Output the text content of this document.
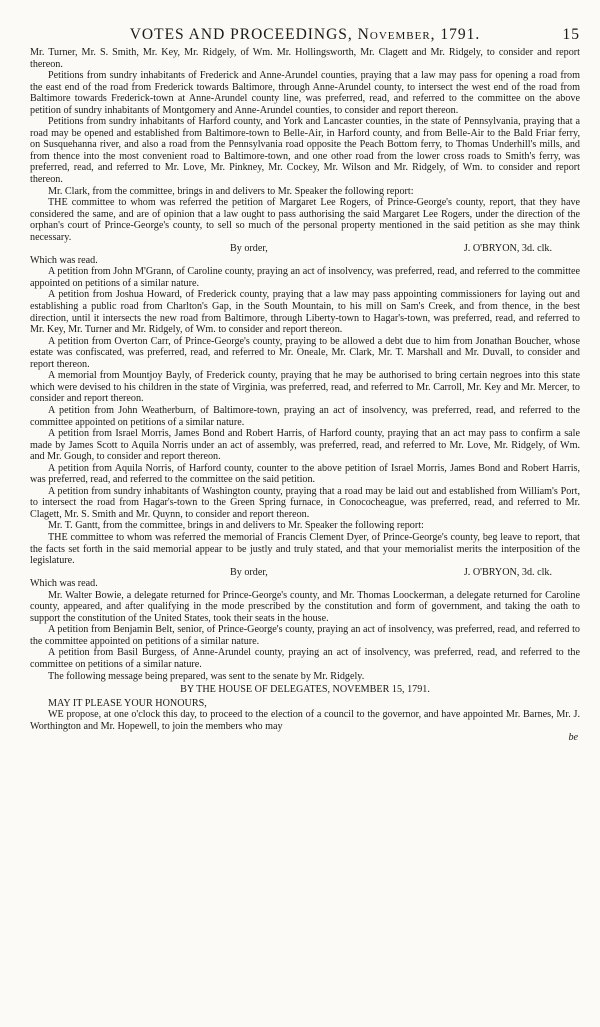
VOTES AND PROCEEDINGS, November, 1791.	15

Mr. Turner, Mr. S. Smith, Mr. Key, Mr. Ridgely, of Wm. Mr. Hollingsworth, Mr. Clagett and Mr. Ridgely, to consider and report thereon.

Petitions from sundry inhabitants of Frederick and Anne-Arundel counties, praying that a law may pass for opening a road from the east end of the road from Frederick towards Baltimore, through Anne-Arundel county, to intersect the west end of the road from Baltimore towards Frederick-town at Anne-Arundel county line, was preferred, read, and referred to the committee on the above petition of sundry inhabitants of Montgomery and Anne-Arundel counties, to consider and report thereon.

Petitions from sundry inhabitants of Harford county, and York and Lancaster counties, in the state of Pennsylvania, praying that a road may be opened and established from Baltimore-town to Belle-Air, in Harford county, and from Belle-Air to the Bald Friar ferry, on Susquehanna river, and also a road from the Pennsylvania road opposite the Peach Bottom ferry, to Thomas Underhill's mills, and from thence into the most convenient road to Baltimore-town, and one other road from the lower cross roads to Smith's ferry, was preferred, read, and referred to Mr. Love, Mr. Pinkney, Mr. Cockey, Mr. Wilson and Mr. Ridgely, of Wm. to consider and report thereon.

Mr. Clark, from the committee, brings in and delivers to Mr. Speaker the following report:

THE committee to whom was referred the petition of Margaret Lee Rogers, of Prince-George's county, report, that they have considered the same, and are of opinion that a law ought to pass authorising the said Margaret Lee Rogers, under the direction of the orphan's court of Prince-George's county, to sell so much of the personal property mentioned in the said petition as she may think necessary.

By order,	J. O'BRYON, 3d. clk.

Which was read.

A petition from John M'Grann, of Caroline county, praying an act of insolvency, was preferred, read, and referred to the committee appointed on petitions of a similar nature.

A petition from Joshua Howard, of Frederick county, praying that a law may pass appointing commissioners for laying out and establishing a public road from Charlton's Gap, in the South Mountain, to his mill on Sam's Creek, and from thence, in the best direction, until it intersects the new road from Baltimore, through Liberty-town to Hagar's-town, was preferred, read, and referred to Mr. Key, Mr. Turner and Mr. Ridgely, of Wm. to consider and report thereon.

A petition from Overton Carr, of Prince-George's county, praying to be allowed a debt due to him from Jonathan Boucher, whose estate was confiscated, was preferred, read, and referred to Mr. Oneale, Mr. Clark, Mr. T. Marshall and Mr. Duvall, to consider and report thereon.

A memorial from Mountjoy Bayly, of Frederick county, praying that he may be authorised to bring certain negroes into this state which were devised to his children in the state of Virginia, was preferred, read, and referred to Mr. Carroll, Mr. Key and Mr. Mercer, to consider and report thereon.

A petition from John Weatherburn, of Baltimore-town, praying an act of insolvency, was preferred, read, and referred to the committee appointed on petitions of a similar nature.

A petition from Israel Morris, James Bond and Robert Harris, of Harford county, praying that an act may pass to confirm a sale made by James Scott to Aquila Norris under an act of assembly, was preferred, read, and referred to Mr. Love, Mr. Ridgely, of Wm. and Mr. Gough, to consider and report thereon.

A petition from Aquila Norris, of Harford county, counter to the above petition of Israel Morris, James Bond and Robert Harris, was preferred, read, and referred to the committee on the said petition.

A petition from sundry inhabitants of Washington county, praying that a road may be laid out and established from William's Port, to intersect the road from Hagar's-town to the Green Spring furnace, in Conococheague, was preferred, read, and referred to Mr. Clagett, Mr. S. Smith and Mr. Quynn, to consider and report thereon.

Mr. T. Gantt, from the committee, brings in and delivers to Mr. Speaker the following report:

THE committee to whom was referred the memorial of Francis Clement Dyer, of Prince-George's county, beg leave to report, that the facts set forth in the said memorial appear to be justly and truly stated, and that your memorialist merits the interposition of the legislature.

By order,	J. O'BRYON, 3d. clk.

Which was read.

Mr. Walter Bowie, a delegate returned for Prince-George's county, and Mr. Thomas Loockerman, a delegate returned for Caroline county, appeared, and after qualifying in the mode prescribed by the constitution and form of government, and taking the oath to support the constitution of the United States, took their seats in the house.

A petition from Benjamin Belt, senior, of Prince-George's county, praying an act of insolvency, was preferred, read, and referred to the committee appointed on petitions of a similar nature.

A petition from Basil Burgess, of Anne-Arundel county, praying an act of insolvency, was preferred, read, and referred to the committee on petitions of a similar nature.

The following message being prepared, was sent to the senate by Mr. Ridgely.

BY THE HOUSE OF DELEGATES, NOVEMBER 15, 1791.

MAY IT PLEASE YOUR HONOURS,

WE propose, at one o'clock this day, to proceed to the election of a council to the governor, and have appointed Mr. Barnes, Mr. J. Worthington and Mr. Hopewell, to join the members who may

be
